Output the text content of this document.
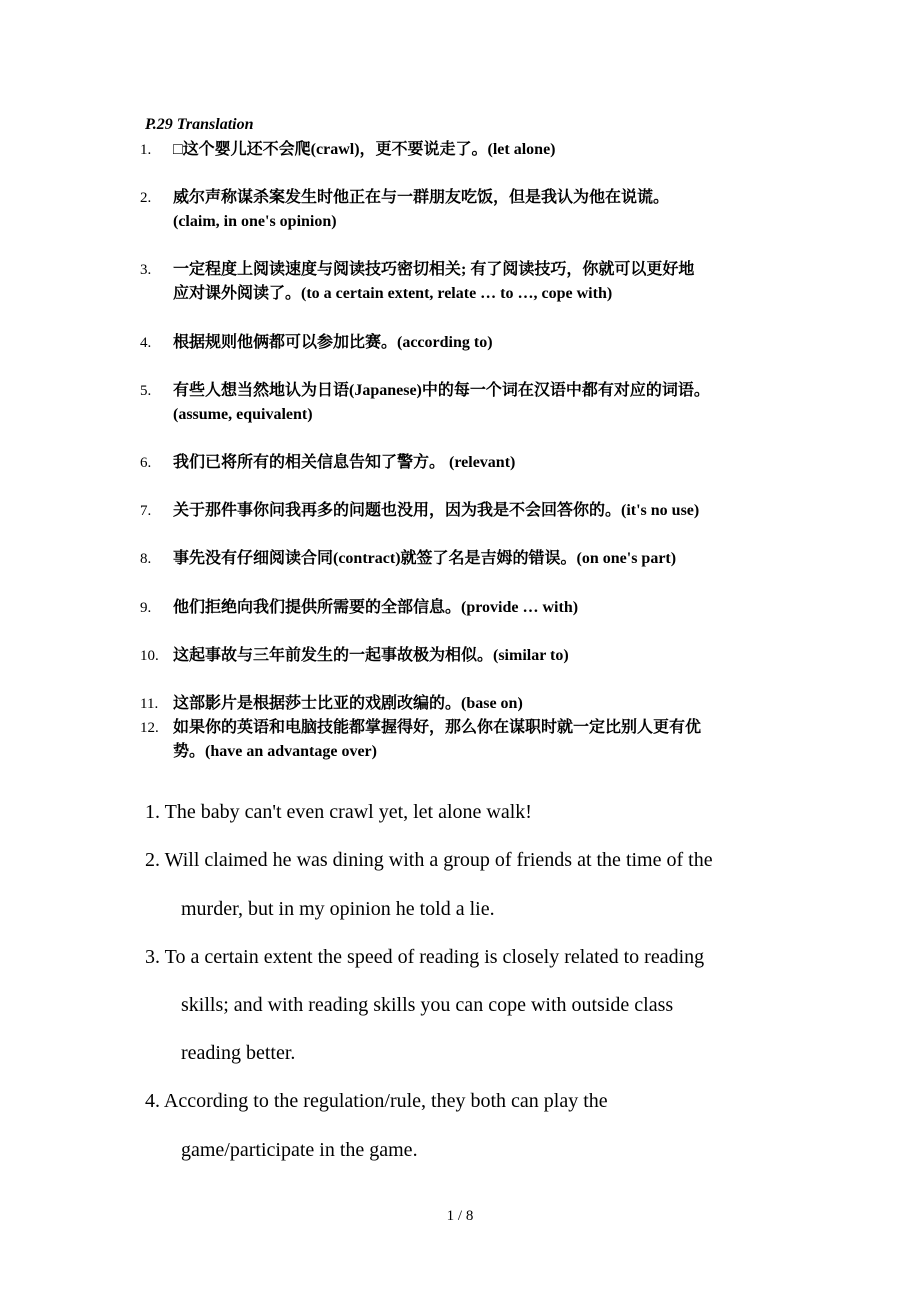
P.29 Translation
1. □这个婴儿还不会爬(crawl)，更不要说走了。(let alone)
2. 威尔声称谋杀案发生时他正在与一群朋友吃饭，但是我认为他在说谎。
(claim, in one's opinion)
3. 一定程度上阅读速度与阅读技巧密切相关; 有了阅读技巧，你就可以更好地
应对课外阅读了。(to a certain extent, relate … to …, cope with)
4. 根据规则他俩都可以参加比赛。(according to)
5. 有些人想当然地认为日语(Japanese)中的每一个词在汉语中都有对应的词语。
(assume, equivalent)
6. 我们已将所有的相关信息告知了警方。 (relevant)
7. 关于那件事你问我再多的问题也没用，因为我是不会回答你的。(it's no use)
8. 事先没有仔细阅读合同(contract)就签了名是吉姆的错误。(on one's part)
9. 他们拒绝向我们提供所需要的全部信息。(provide … with)
10. 这起事故与三年前发生的一起事故极为相似。(similar to)
11. 这部影片是根据莎士比亚的戏剧改编的。(base on)
12. 如果你的英语和电脑技能都掌握得好，那么你在谋职时就一定比别人更有优
势。(have an advantage over)
1. The baby can't even crawl yet, let alone walk!
2. Will claimed he was dining with a group of friends at the time of the
murder, but in my opinion he told a lie.
3. To a certain extent the speed of reading is closely related to reading
skills; and with reading skills you can cope with outside class
reading better.
4. According to the regulation/rule, they both can play the
game/participate in the game.
1 / 8
